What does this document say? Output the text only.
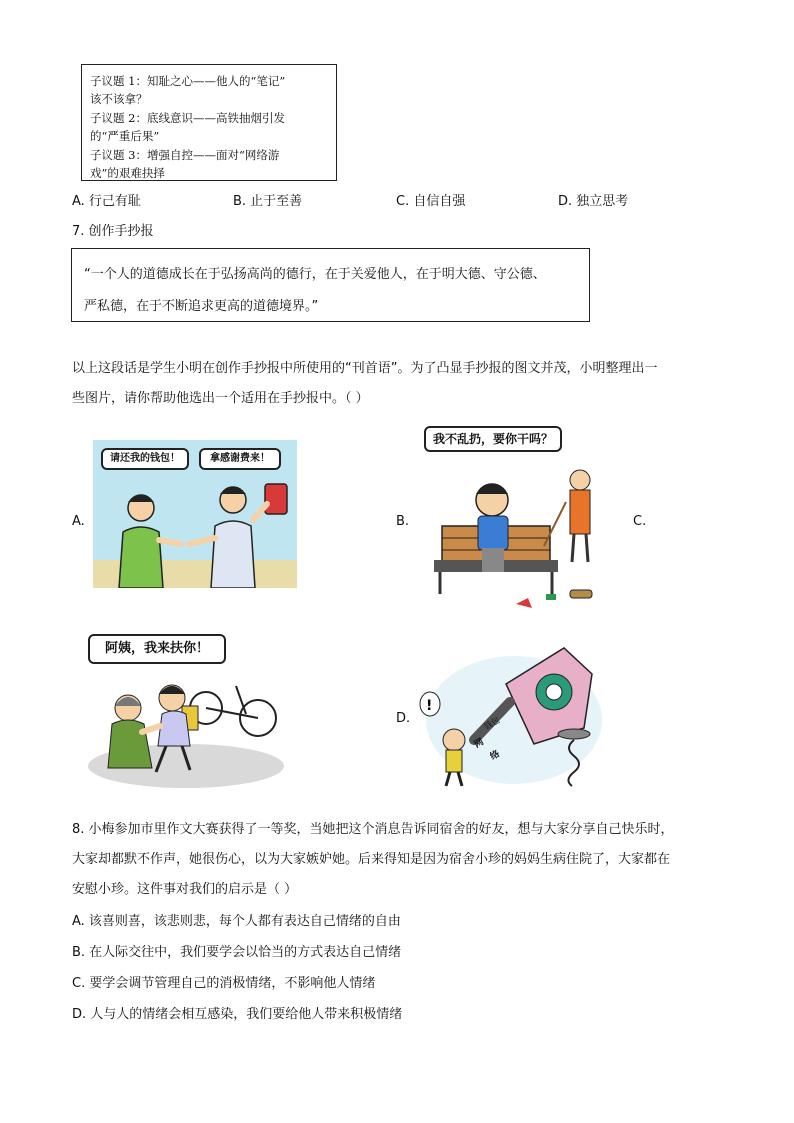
子议题 1：知耻之心——他人的“笔记”
该不该拿？
子议题 2：底线意识——高铁抽烟引发
的“严重后果”
子议题 3：增强自控——面对“网络游
戏”的艰难抉择
A. 行己有耻	B. 止于至善	C. 自信自强	D. 独立思考
7. 创作手抄报
“一个人的道德成长在于弘扬高尚的德行，在于关爱他人，在于明大德、守公德、
严私德，在于不断追求更高的道德境界。”
以上这段话是学生小明在创作手抄报中所使用的“刊首语”。为了凸显手抄报的图文并茂，小明整理出一
些图片，请你帮助他选出一个适用在手抄报中。（ ）
A.	B.	C.
D.
请还我的钱包！	拿感谢费来！
我不乱扔，要你干吗？
阿姨，我来扶你！
!
网
络
钱包
8. 小梅参加市里作文大赛获得了一等奖，当她把这个消息告诉同宿舍的好友，想与大家分享自己快乐时，
大家却都默不作声，她很伤心，以为大家嫉妒她。后来得知是因为宿舍小珍的妈妈生病住院了，大家都在
安慰小珍。这件事对我们的启示是（ ）
A. 该喜则喜，该悲则悲，每个人都有表达自己情绪的自由
B. 在人际交往中，我们要学会以恰当的方式表达自己情绪
C. 要学会调节管理自己的消极情绪，不影响他人情绪
D. 人与人的情绪会相互感染，我们要给他人带来积极情绪
